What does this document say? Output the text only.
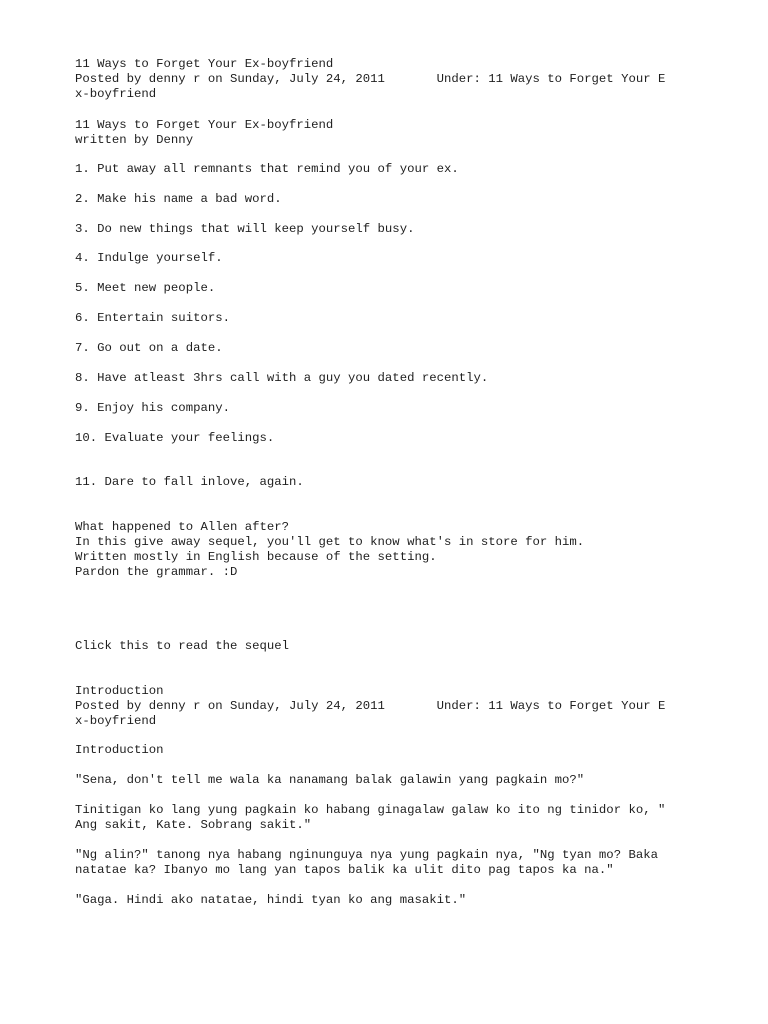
11 Ways to Forget Your Ex-boyfriend
Posted by denny r on Sunday, July 24, 2011       Under: 11 Ways to Forget Your E
x-boyfriend
11 Ways to Forget Your Ex-boyfriend
written by Denny
1. Put away all remnants that remind you of your ex.
2. Make his name a bad word.
3. Do new things that will keep yourself busy.
4. Indulge yourself.
5. Meet new people.
6. Entertain suitors.
7. Go out on a date.
8. Have atleast 3hrs call with a guy you dated recently.
9. Enjoy his company.
10. Evaluate your feelings.
11. Dare to fall inlove, again.
What happened to Allen after?
In this give away sequel, you'll get to know what's in store for him.
Written mostly in English because of the setting.
Pardon the grammar. :D
Click this to read the sequel
Introduction
Posted by denny r on Sunday, July 24, 2011       Under: 11 Ways to Forget Your E
x-boyfriend
Introduction
"Sena, don't tell me wala ka nanamang balak galawin yang pagkain mo?"
Tinitigan ko lang yung pagkain ko habang ginagalaw galaw ko ito ng tinidor ko, "
Ang sakit, Kate. Sobrang sakit."
"Ng alin?" tanong nya habang nginunguya nya yung pagkain nya, "Ng tyan mo? Baka
natatae ka? Ibanyo mo lang yan tapos balik ka ulit dito pag tapos ka na."
"Gaga. Hindi ako natatae, hindi tyan ko ang masakit."
